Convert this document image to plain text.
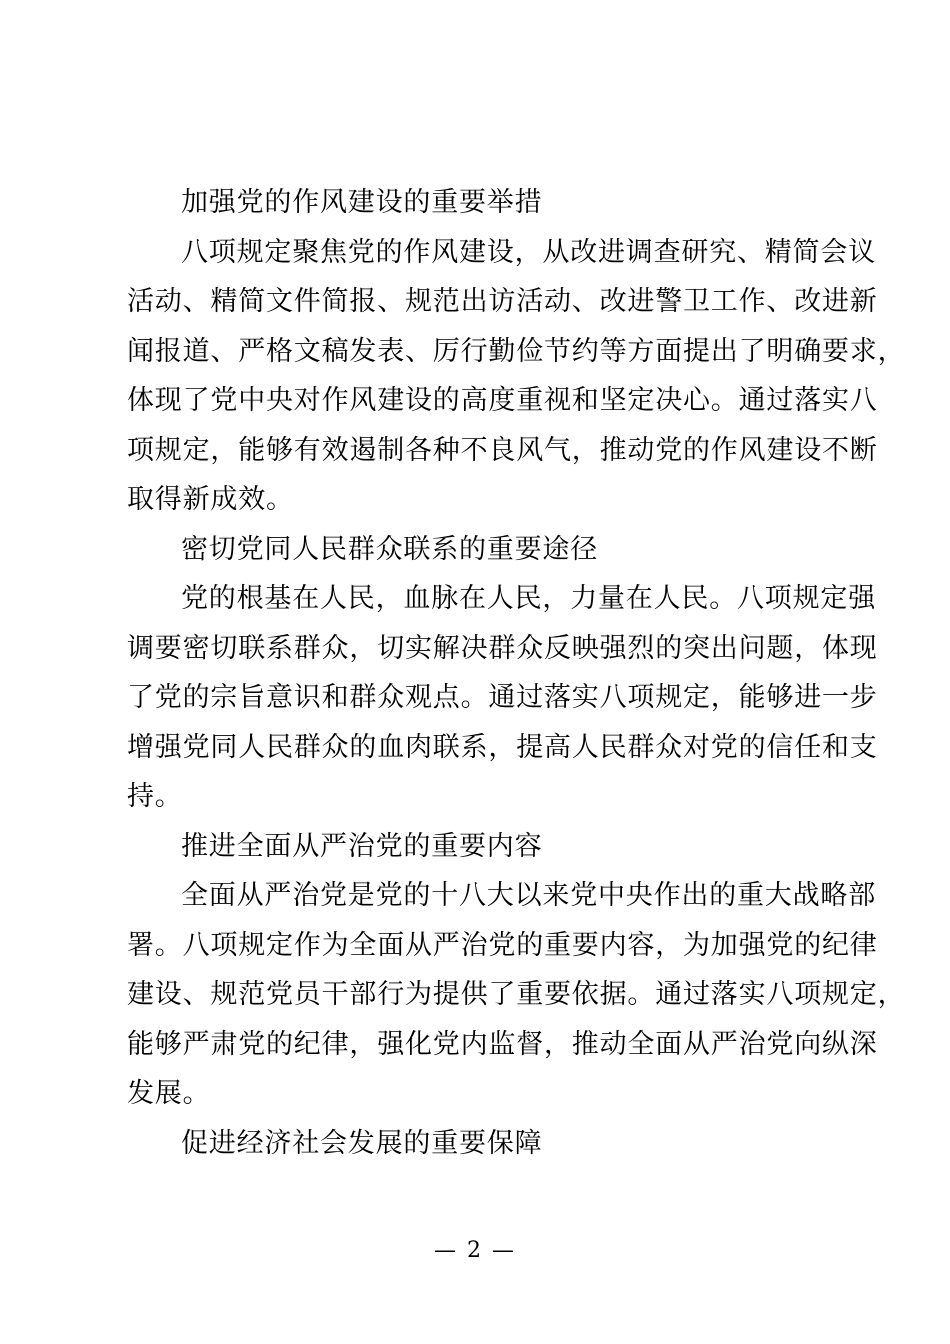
加强党的作风建设的重要举措

八项规定聚焦党的作风建设，从改进调查研究、精简会议
活动、精简文件简报、规范出访活动、改进警卫工作、改进新
闻报道、严格文稿发表、厉行勤俭节约等方面提出了明确要求，
体现了党中央对作风建设的高度重视和坚定决心。通过落实八
项规定，能够有效遏制各种不良风气，推动党的作风建设不断
取得新成效。

密切党同人民群众联系的重要途径

党的根基在人民，血脉在人民，力量在人民。八项规定强
调要密切联系群众，切实解决群众反映强烈的突出问题，体现
了党的宗旨意识和群众观点。通过落实八项规定，能够进一步
增强党同人民群众的血肉联系，提高人民群众对党的信任和支
持。

推进全面从严治党的重要内容

全面从严治党是党的十八大以来党中央作出的重大战略部
署。八项规定作为全面从严治党的重要内容，为加强党的纪律
建设、规范党员干部行为提供了重要依据。通过落实八项规定，
能够严肃党的纪律，强化党内监督，推动全面从严治党向纵深
发展。

促进经济社会发展的重要保障

— 2 —
